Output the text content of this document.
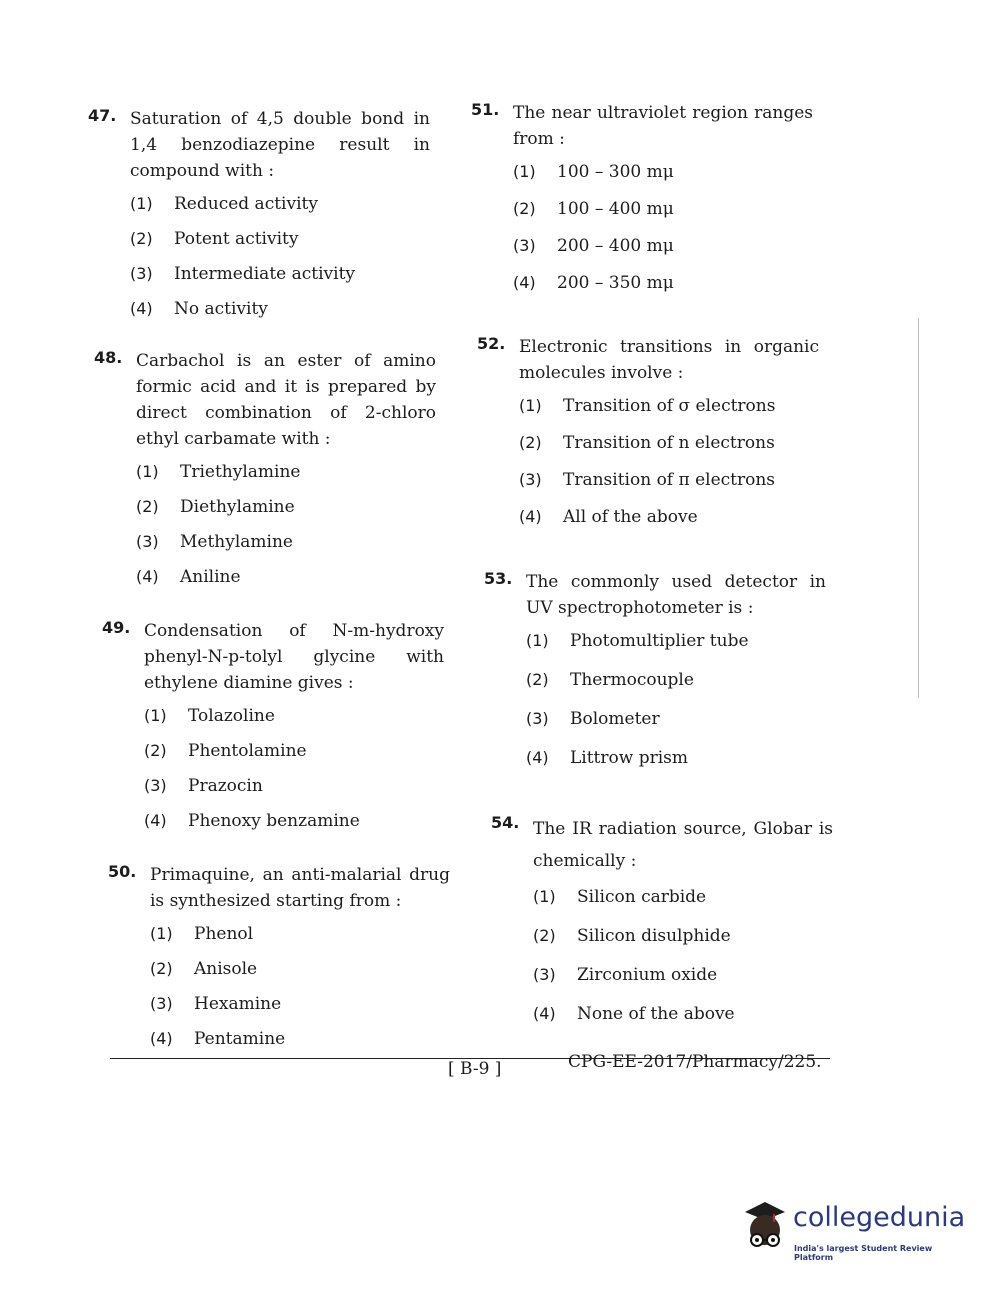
47. Saturation of 4,5 double bond in 1,4 benzodiazepine result in compound with :
(1)	Reduced activity
(2)	Potent activity
(3)	Intermediate activity
(4)	No activity
48. Carbachol is an ester of amino formic acid and it is prepared by direct combination of 2-chloro ethyl carbamate with :
(1)	Triethylamine
(2)	Diethylamine
(3)	Methylamine
(4)	Aniline
49. Condensation of N-m-hydroxy phenyl-N-p-tolyl glycine with ethylene diamine gives :
(1)	Tolazoline
(2)	Phentolamine
(3)	Prazocin
(4)	Phenoxy benzamine
50. Primaquine, an anti-malarial drug is synthesized starting from :
(1)	Phenol
(2)	Anisole
(3)	Hexamine
(4)	Pentamine
51. The near ultraviolet region ranges from :
(1)	100 – 300 mμ
(2)	100 – 400 mμ
(3)	200 – 400 mμ
(4)	200 – 350 mμ
52. Electronic transitions in organic molecules involve :
(1)	Transition of σ electrons
(2)	Transition of n electrons
(3)	Transition of π electrons
(4)	All of the above
53. The commonly used detector in UV spectrophotometer is :
(1)	Photomultiplier tube
(2)	Thermocouple
(3)	Bolometer
(4)	Littrow prism
54. The IR radiation source, Globar is chemically :
(1)	Silicon carbide
(2)	Silicon disulphide
(3)	Zirconium oxide
(4)	None of the above
[ B-9 ]	CPG-EE-2017/Pharmacy/225.
collegedunia
India's largest Student Review Platform
